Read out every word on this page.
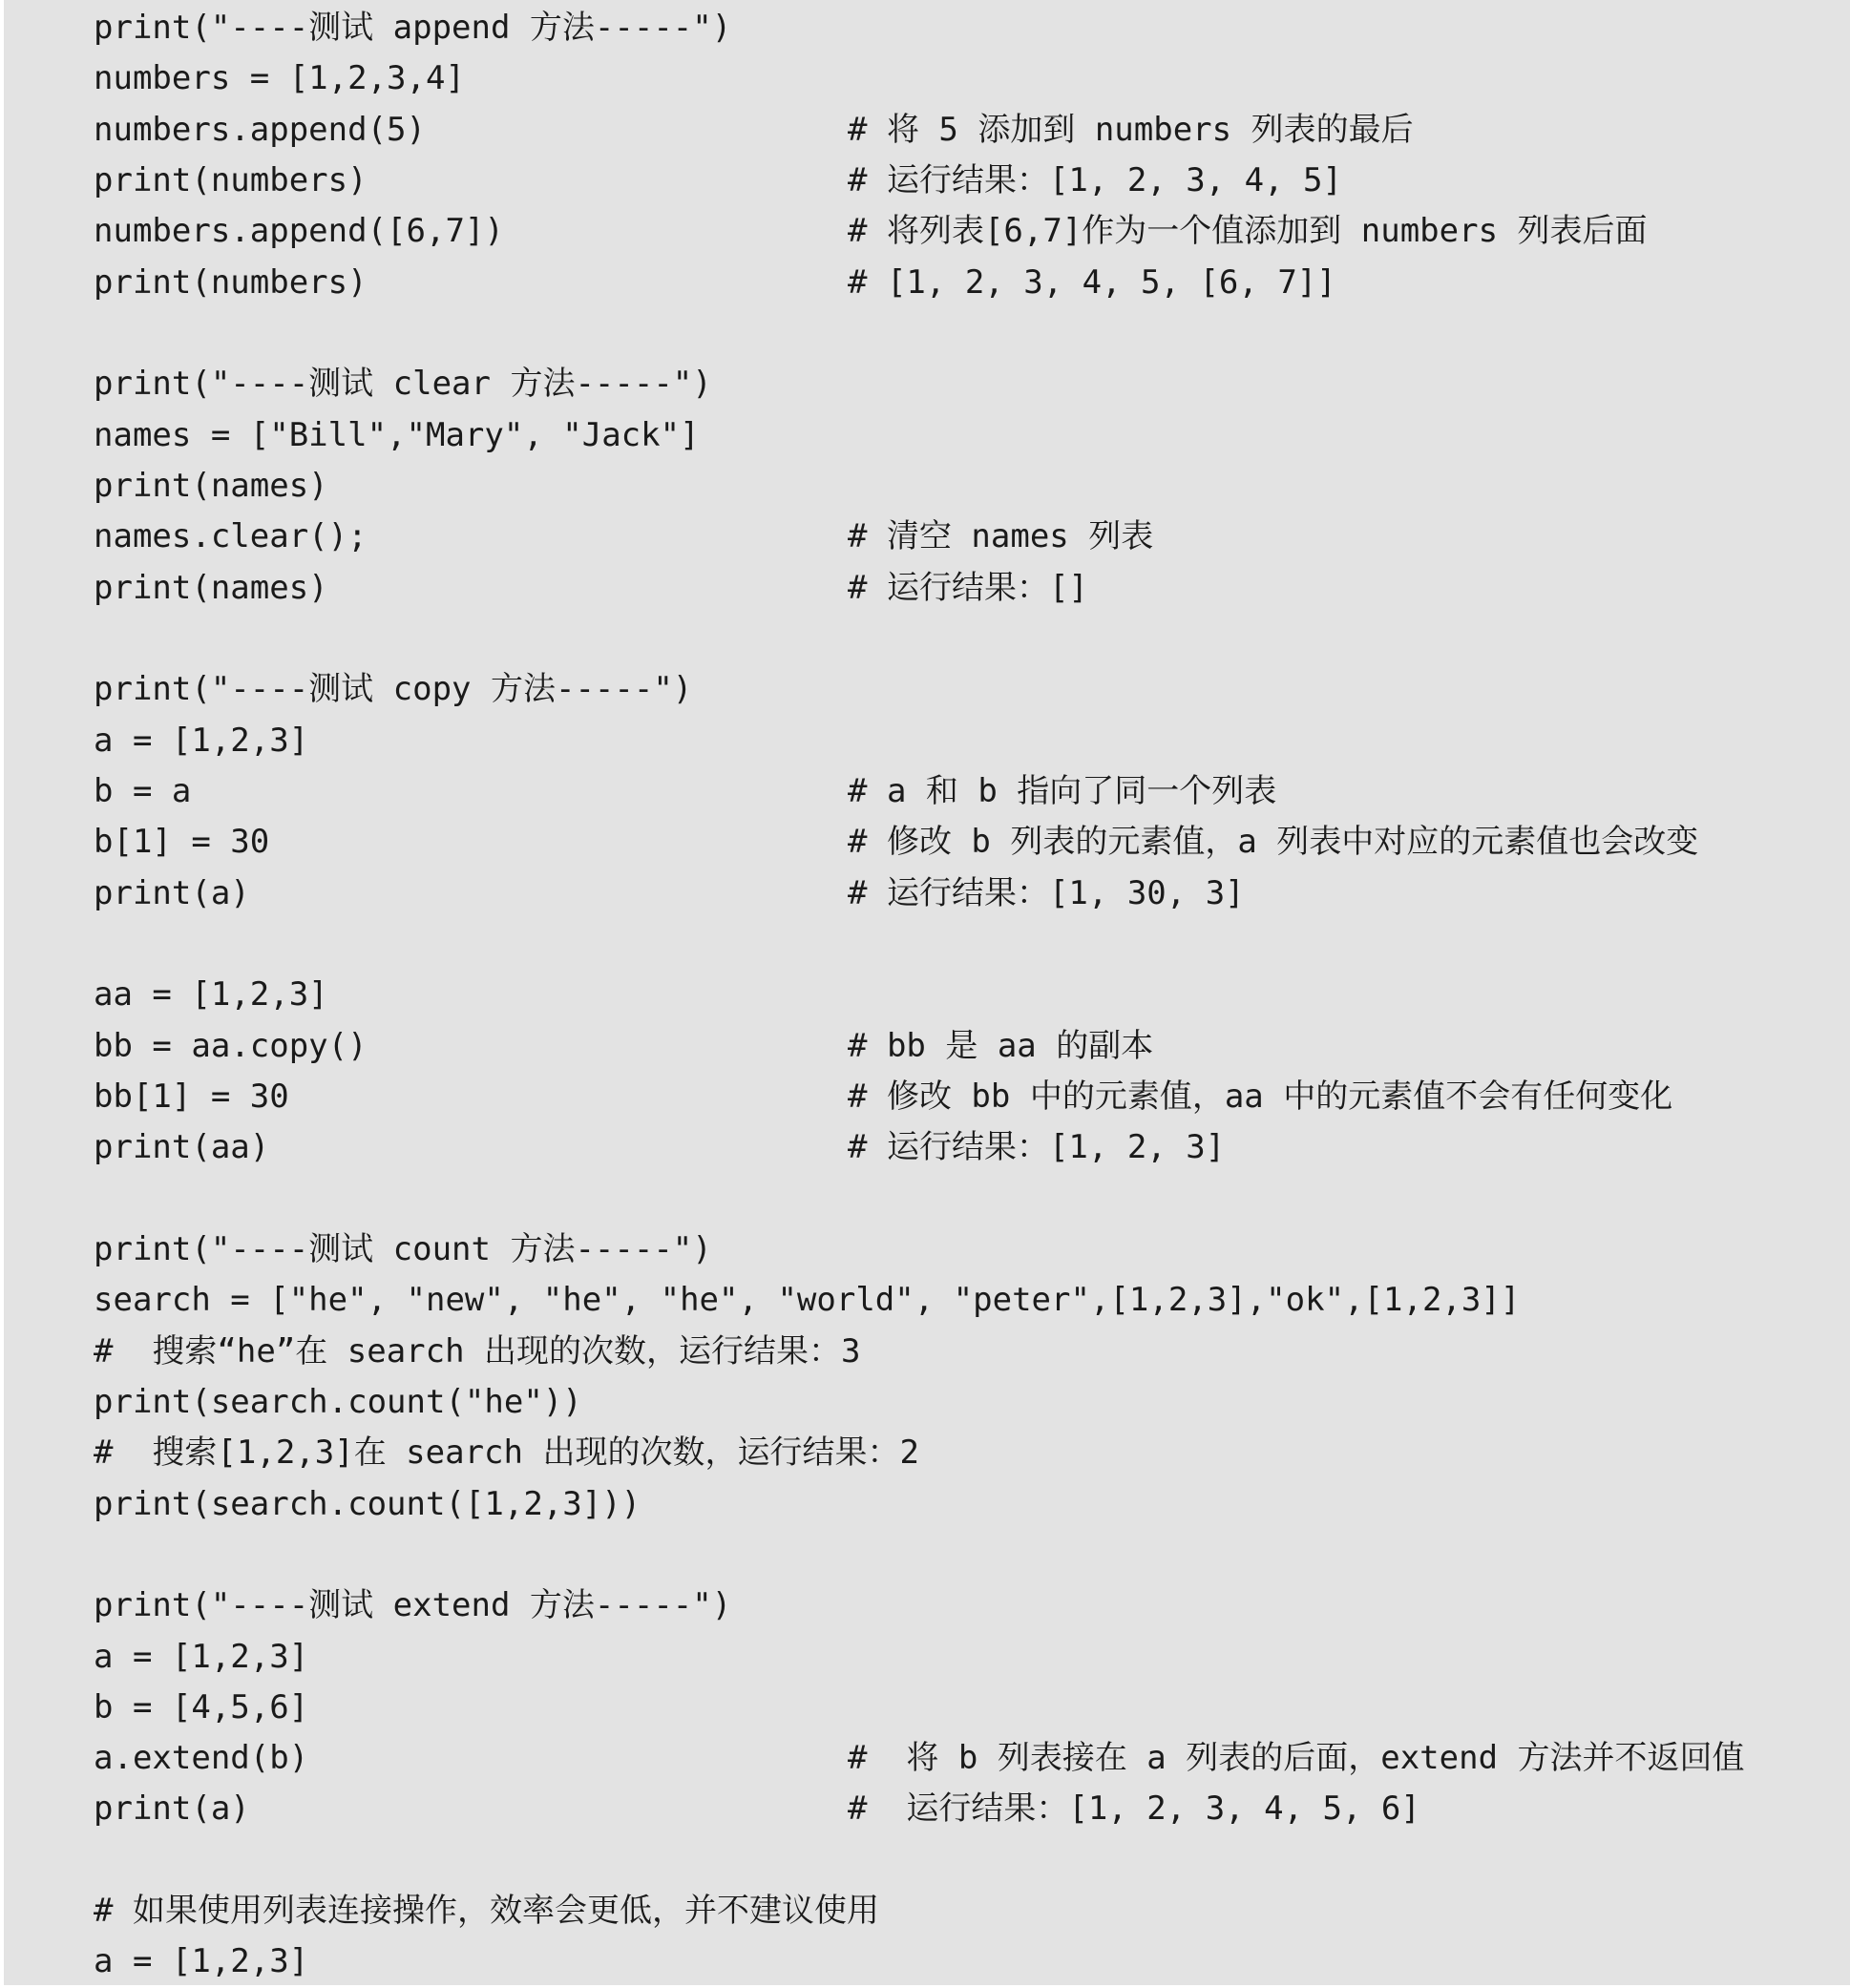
print("----测试 append 方法-----")
numbers = [1,2,3,4]
numbers.append(5)	# 将 5 添加到 numbers 列表的最后
print(numbers)	# 运行结果：[1, 2, 3, 4, 5]
numbers.append([6,7])	# 将列表[6,7]作为一个值添加到 numbers 列表后面
print(numbers)	# [1, 2, 3, 4, 5, [6, 7]]
print("----测试 clear 方法-----")
names = ["Bill","Mary", "Jack"]
print(names)
names.clear();	# 清空 names 列表
print(names)	# 运行结果：[]
print("----测试 copy 方法-----")
a = [1,2,3]
b = a	# a 和 b 指向了同一个列表
b[1] = 30	# 修改 b 列表的元素值，a 列表中对应的元素值也会改变
print(a)	# 运行结果：[1, 30, 3]
aa = [1,2,3]
bb = aa.copy()	# bb 是 aa 的副本
bb[1] = 30	# 修改 bb 中的元素值，aa 中的元素值不会有任何变化
print(aa)	# 运行结果：[1, 2, 3]
print("----测试 count 方法-----")
search = ["he", "new", "he", "he", "world", "peter",[1,2,3],"ok",[1,2,3]]
#  搜索“he”在 search 出现的次数，运行结果：3
print(search.count("he"))
#  搜索[1,2,3]在 search 出现的次数，运行结果：2
print(search.count([1,2,3]))
print("----测试 extend 方法-----")
a = [1,2,3]
b = [4,5,6]
a.extend(b)	#  将 b 列表接在 a 列表的后面，extend 方法并不返回值
print(a)	#  运行结果：[1, 2, 3, 4, 5, 6]
# 如果使用列表连接操作，效率会更低，并不建议使用
a = [1,2,3]
